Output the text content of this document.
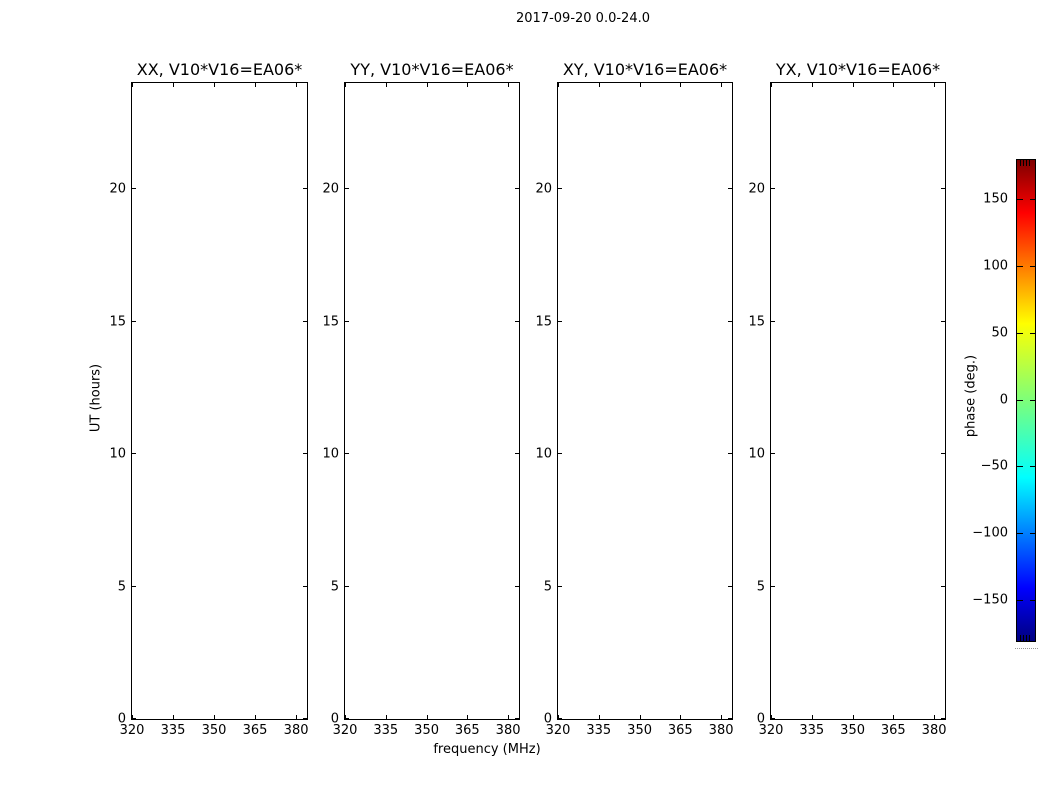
2017-09-20 0.0-24.0
frequency (MHz)
UT (hours)
150
100
50
0
−50
−100
−150
phase (deg.)
XX, V10*V16=EA06*
320 335 350 365 380
0
5
10
15
20
YY, V10*V16=EA06*
320 335 350 365 380
0
5
10
15
20
XY, V10*V16=EA06*
320 335 350 365 380
0
5
10
15
20
YX, V10*V16=EA06*
320 335 350 365 380
0
5
10
15
20
